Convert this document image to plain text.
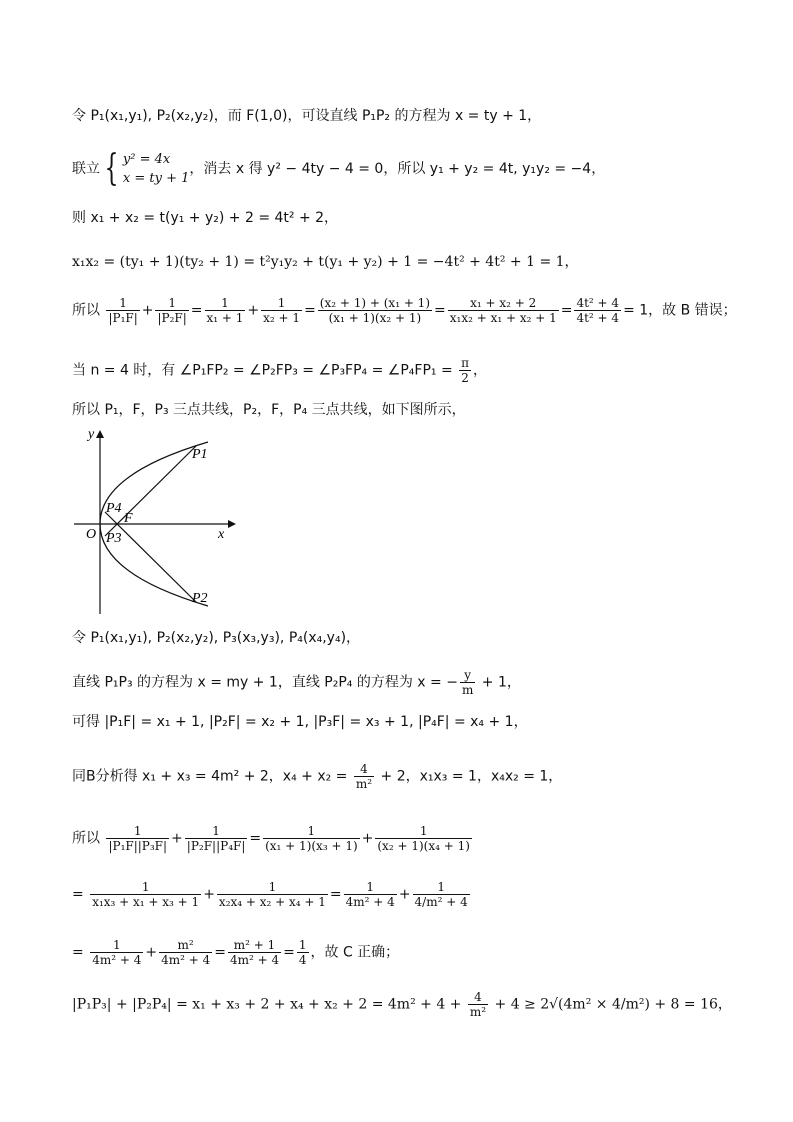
令 P₁(x₁,y₁), P₂(x₂,y₂)，而 F(1,0)，可设直线 P₁P₂ 的方程为 x = ty + 1，
联立 { y² = 4x
x = ty + 1
，消去 x 得 y² − 4ty − 4 = 0，所以 y₁ + y₂ = 4t, y₁y₂ = −4，
则 x₁ + x₂ = t(y₁ + y₂) + 2 = 4t² + 2，
x₁x₂ = (ty₁ + 1)(ty₂ + 1) = t²y₁y₂ + t(y₁ + y₂) + 1 = −4t² + 4t² + 1 = 1，
所以 $\frac{1}{\text{|P₁F|}} + \frac{1}{\text{|P₂F|}} = \frac{1}{\text{x₁ + 1}} + \frac{1}{\text{x₂ + 1}} = \frac{\text{(x₂ + 1) + (x₁ + 1)}}{\text{(x₁ + 1)(x₂ + 1)}} = \frac{\text{x₁ + x₂ + 2}}{\text{x₁x₂ + x₁ + x₂ + 1}} = \frac{\text{4t² + 4}}{\text{4t² + 4}} = 1$，故 B 错误；
当 n = 4 时，有 ∠P₁FP₂ = ∠P₂FP₃ = ∠P₃FP₄ = ∠P₄FP₁ = $\frac{\pi}{2}$ ，
所以 P₁，F，P₃ 三点共线，P₂，F，P₄ 三点共线，如下图所示，
y
x
O
F
P1
P2
P3
P4
令 P₁(x₁,y₁), P₂(x₂,y₂), P₃(x₃,y₃), P₄(x₄,y₄)，
直线 P₁P₃ 的方程为 x = my + 1，直线 P₂P₄ 的方程为 x = − $\frac{y}{m} + 1$，
可得 |P₁F| = x₁ + 1, |P₂F| = x₂ + 1, |P₃F| = x₃ + 1, |P₄F| = x₄ + 1，
同B分析得 x₁ + x₃ = 4m² + 2，$x_4 + x_2 = \frac{4}{\text{m²}} + 2$，x₁x₃ = 1，x₄x₂ = 1，
所以 $\frac{1}{\text{|P₁F||P₃F|}} + \frac{1}{\text{|P₂F||P₄F|}} = \frac{1}{\text{(x₁ + 1)(x₃ + 1)}} + \frac{1}{\text{(x₂ + 1)(x₄ + 1)}}$
= $\frac{1}{\text{x₁x₃ + x₁ + x₃ + 1}} + \frac{1}{\text{x₂x₄ + x₂ + x₄ + 1}} = \frac{1}{\text{4m² + 4}} + \frac{1}{\text{4/m² + 4}}$
= $\frac{1}{\text{4m² + 4}} + \frac{\text{m²}}{\text{4m² + 4}} = \frac{\text{m² + 1}}{\text{4m² + 4}} = \frac{1}{4}$ ，故 C 正确；
$|P_1P_3| + |P_2P_4| = x_1 + x_3 + 2 + x_4 + x_2 + 2 = 4m^2 + 4 + \frac{4}{\text{m²}} + 4 \ge 2√(4m^2 \times 4/m^2) + 8 = 16$，
